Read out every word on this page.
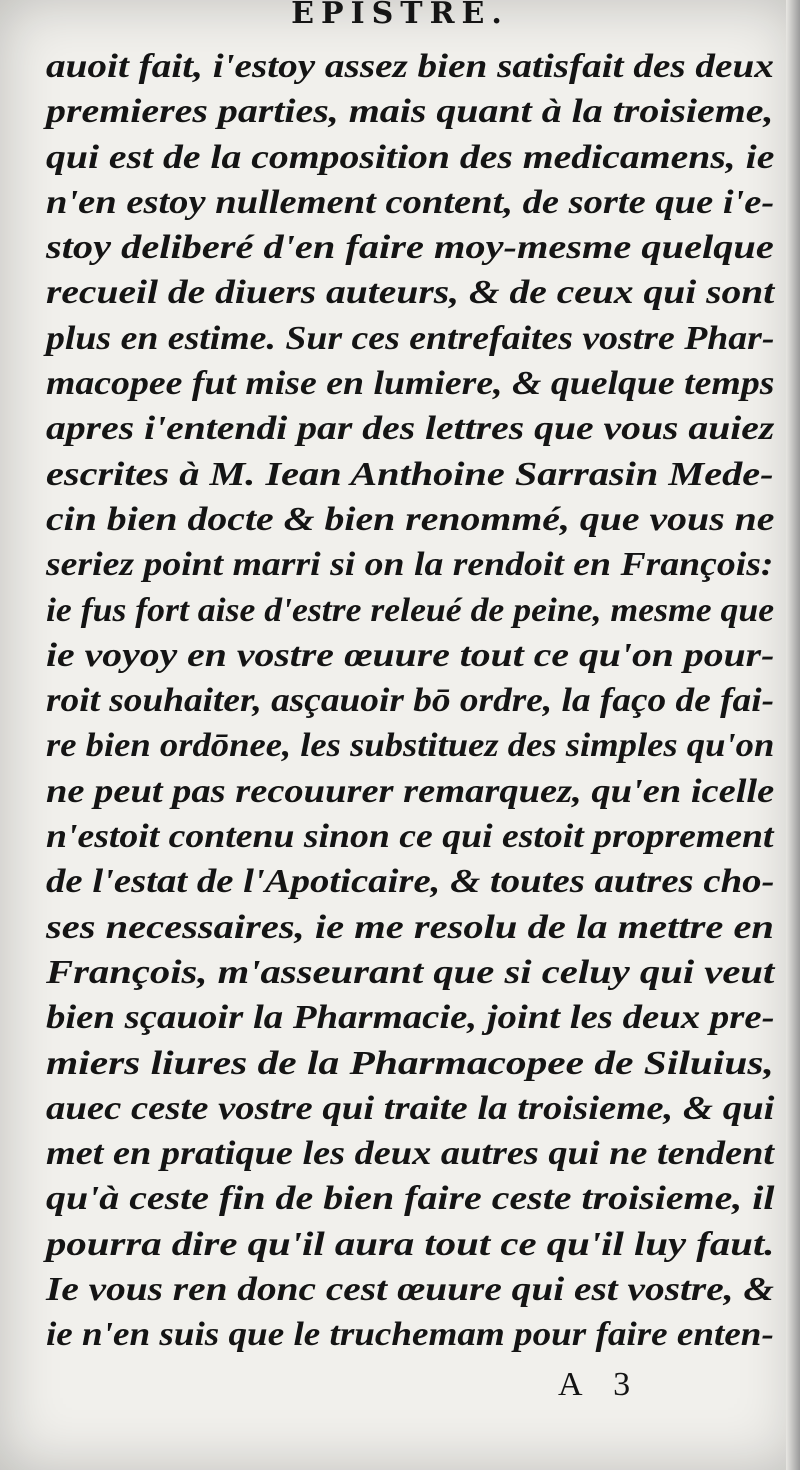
EPISTRE.
auoit fait, i'estoy assez bien satisfait des deux
premieres parties, mais quant à la troisieme,
qui est de la composition des medicamens, ie
n'en estoy nullement content, de sorte que i'e-
stoy deliberé d'en faire moy-mesme quelque
recueil de diuers auteurs, & de ceux qui sont
plus en estime. Sur ces entrefaites vostre Phar-
macopee fut mise en lumiere, & quelque temps
apres i'entendi par des lettres que vous auiez
escrites à M. Iean Anthoine Sarrasin Mede-
cin bien docte & bien renommé, que vous ne
seriez point marri si on la rendoit en François:
ie fus fort aise d'estre releué de peine, mesme que
ie voyoy en vostre œuure tout ce qu'on pour-
roit souhaiter, asçauoir bō ordre, la faço de fai-
re bien ordōnee, les substituez des simples qu'on
ne peut pas recouurer remarquez, qu'en icelle
n'estoit contenu sinon ce qui estoit proprement
de l'estat de l'Apoticaire, & toutes autres cho-
ses necessaires, ie me resolu de la mettre en
François, m'asseurant que si celuy qui veut
bien sçauoir la Pharmacie, joint les deux pre-
miers liures de la Pharmacopee de Siluius,
auec ceste vostre qui traite la troisieme, & qui
met en pratique les deux autres qui ne tendent
qu'à ceste fin de bien faire ceste troisieme, il
pourra dire qu'il aura tout ce qu'il luy faut.
Ie vous ren donc cest œuure qui est vostre, &
ie n'en suis que le truchemam pour faire enten-
A 3
